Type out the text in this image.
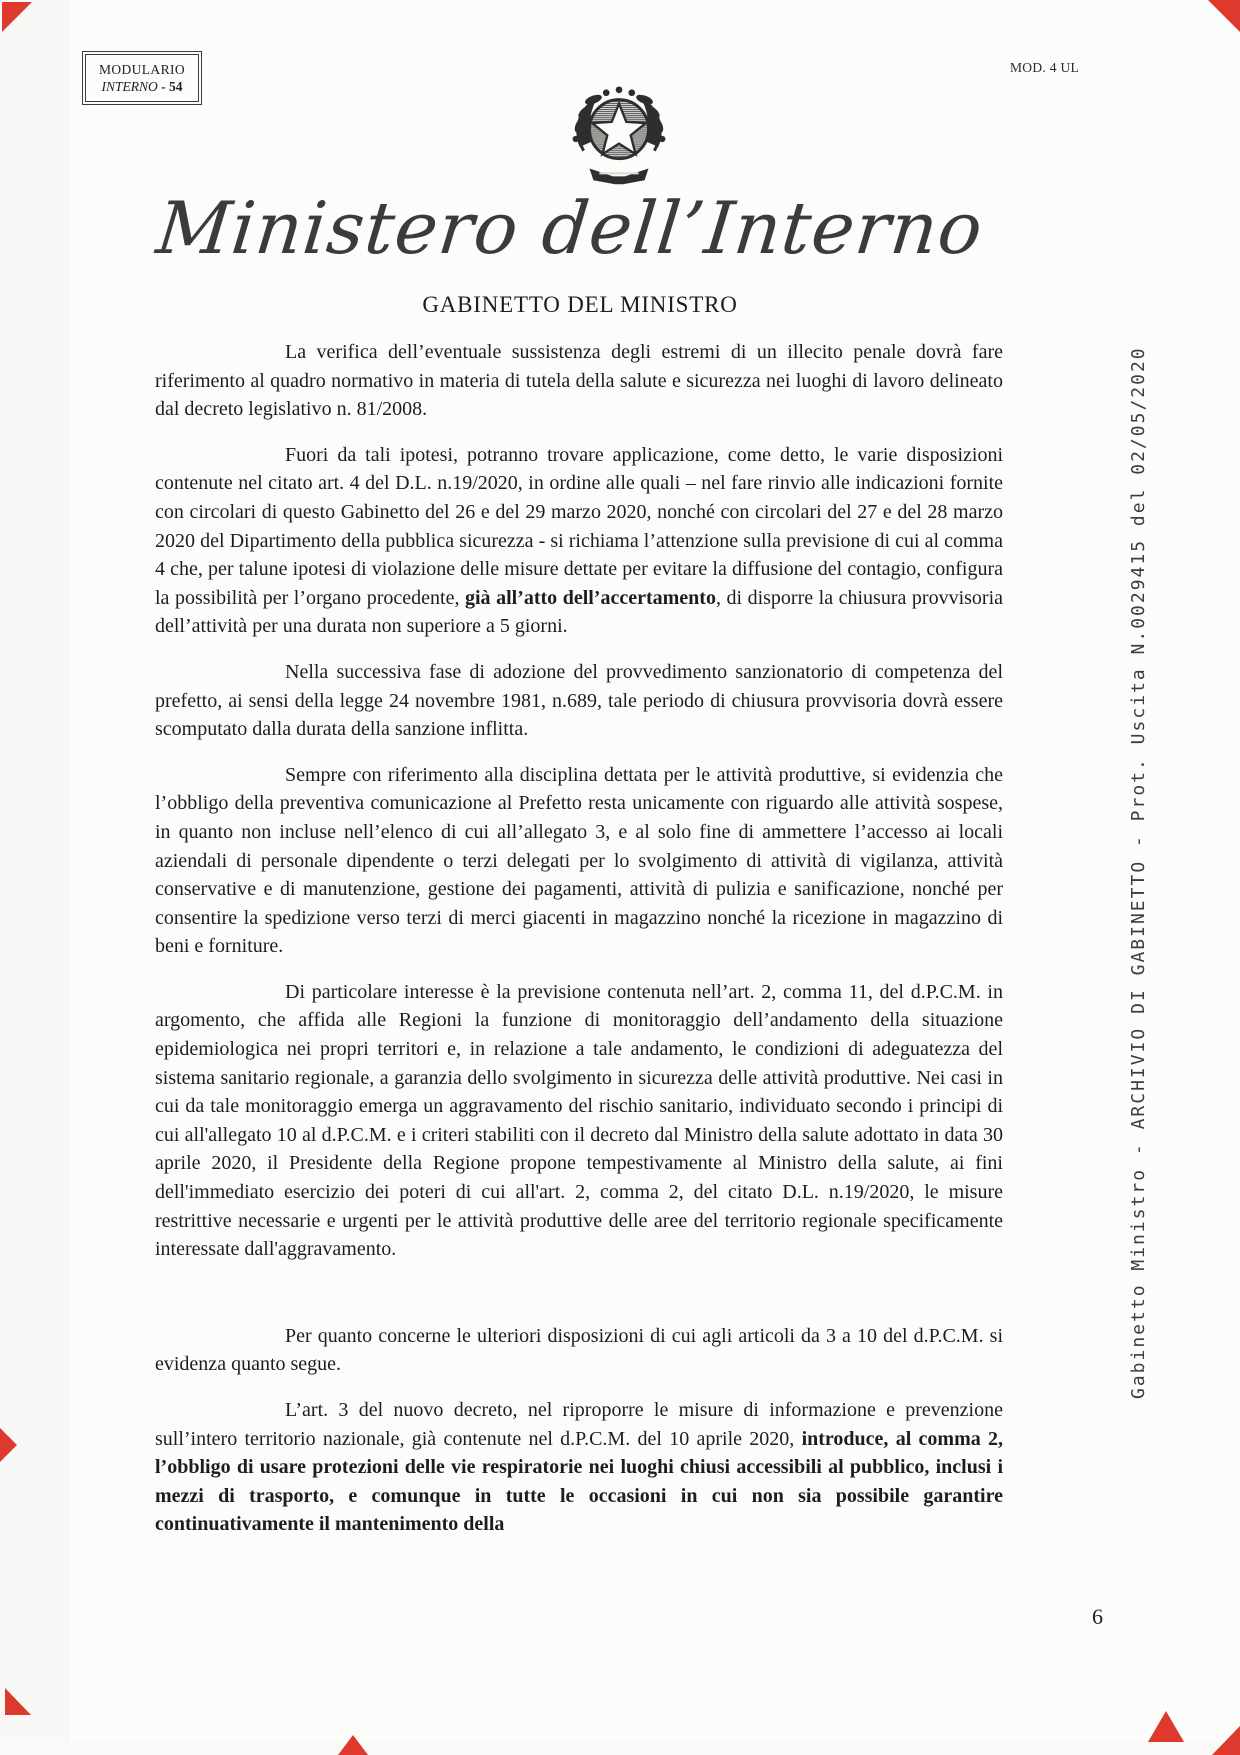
MODULARIO
INTERNO - 54
MOD. 4 UL
Ministero dell’Interno
GABINETTO DEL MINISTRO

La verifica dell’eventuale sussistenza degli estremi di un illecito penale dovrà fare riferimento al quadro normativo in materia di tutela della salute e sicurezza nei luoghi di lavoro delineato dal decreto legislativo n. 81/2008.

Fuori da tali ipotesi, potranno trovare applicazione, come detto, le varie disposizioni contenute nel citato art. 4 del D.L. n.19/2020, in ordine alle quali – nel fare rinvio alle indicazioni fornite con circolari di questo Gabinetto del 26 e del 29 marzo 2020, nonché con circolari del 27 e del 28 marzo 2020 del Dipartimento della pubblica sicurezza - si richiama l’attenzione sulla previsione di cui al comma 4 che, per talune ipotesi di violazione delle misure dettate per evitare la diffusione del contagio, configura la possibilità per l’organo procedente, già all’atto dell’accertamento, di disporre la chiusura provvisoria dell’attività per una durata non superiore a 5 giorni.

Nella successiva fase di adozione del provvedimento sanzionatorio di competenza del prefetto, ai sensi della legge 24 novembre 1981, n.689, tale periodo di chiusura provvisoria dovrà essere scomputato dalla durata della sanzione inflitta.

Sempre con riferimento alla disciplina dettata per le attività produttive, si evidenzia che l’obbligo della preventiva comunicazione al Prefetto resta unicamente con riguardo alle attività sospese, in quanto non incluse nell’elenco di cui all’allegato 3, e al solo fine di ammettere l’accesso ai locali aziendali di personale dipendente o terzi delegati per lo svolgimento di attività di vigilanza, attività conservative e di manutenzione, gestione dei pagamenti, attività di pulizia e sanificazione, nonché per consentire la spedizione verso terzi di merci giacenti in magazzino nonché la ricezione in magazzino di beni e forniture.

Di particolare interesse è la previsione contenuta nell’art. 2, comma 11, del d.P.C.M. in argomento, che affida alle Regioni la funzione di monitoraggio dell’andamento della situazione epidemiologica nei propri territori e, in relazione a tale andamento, le condizioni di adeguatezza del sistema sanitario regionale, a garanzia dello svolgimento in sicurezza delle attività produttive. Nei casi in cui da tale monitoraggio emerga un aggravamento del rischio sanitario, individuato secondo i principi di cui all'allegato 10 al d.P.C.M. e i criteri stabiliti con il decreto dal Ministro della salute adottato in data 30 aprile 2020, il Presidente della Regione propone tempestivamente al Ministro della salute, ai fini dell'immediato esercizio dei poteri di cui all'art. 2, comma 2, del citato D.L. n.19/2020, le misure restrittive necessarie e urgenti per le attività produttive delle aree del territorio regionale specificamente interessate dall'aggravamento.

Per quanto concerne le ulteriori disposizioni di cui agli articoli da 3 a 10 del d.P.C.M. si evidenza quanto segue.

L’art. 3 del nuovo decreto, nel riproporre le misure di informazione e prevenzione sull’intero territorio nazionale, già contenute nel d.P.C.M. del 10 aprile 2020, introduce, al comma 2, l’obbligo di usare protezioni delle vie respiratorie nei luoghi chiusi accessibili al pubblico, inclusi i mezzi di trasporto, e comunque in tutte le occasioni in cui non sia possibile garantire continuativamente il mantenimento della

Gabinetto Ministro - ARCHIVIO DI GABINETTO - Prot. Uscita N.0029415 del 02/05/2020
6
